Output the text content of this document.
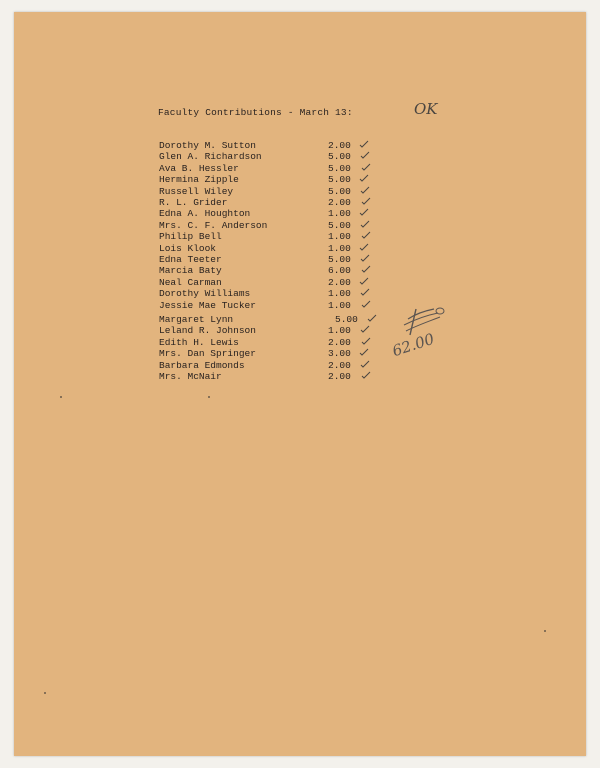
Faculty Contributions - March 13:	OK
Dorothy M. Sutton	2.00
Glen A. Richardson	5.00
Ava B. Hessler	5.00
Hermina Zipple	5.00
Russell Wiley	5.00
R. L. Grider	2.00
Edna A. Houghton	1.00
Mrs. C. F. Anderson	5.00
Philip Bell	1.00
Lois Klook	1.00
Edna Teeter	5.00
Marcia Baty	6.00
Neal Carman	2.00
Dorothy Williams	1.00
Jessie Mae Tucker	1.00
Margaret Lynn	5.00
Leland R. Johnson	1.00
Edith H. Lewis	2.00
Mrs. Dan Springer	3.00
Barbara Edmonds	2.00
Mrs. McNair	2.00
62.00
